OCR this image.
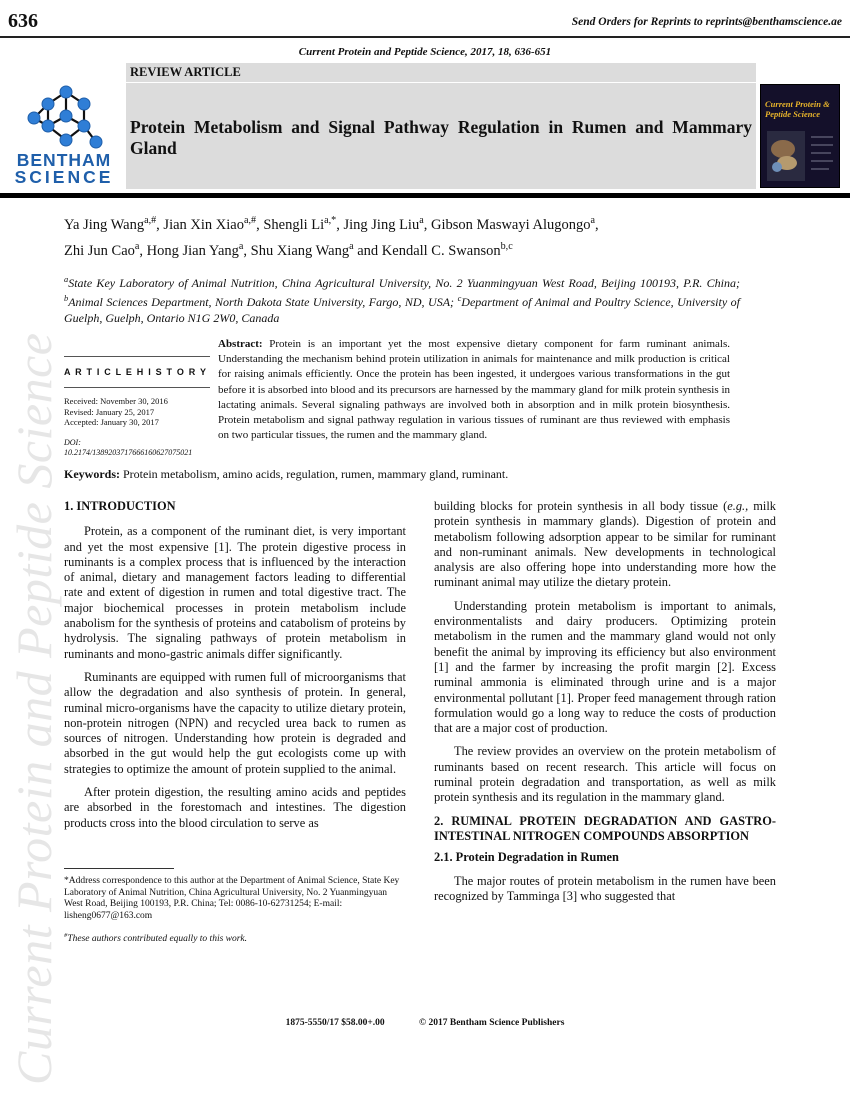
Current Protein and Peptide Science
636	Send Orders for Reprints to reprints@benthamscience.ae
Current Protein and Peptide Science, 2017, 18, 636-651
BENTHAM
SCIENCE
REVIEW ARTICLE
Protein Metabolism and Signal Pathway Regulation in Rumen and Mammary Gland
Current Protein & Peptide Science
Ya Jing Wang$^{a,\#}$, Jian Xin Xiao$^{a,\#}$, Shengli $Li^{a,*}$, Jing Jing Liu$^a$, Gibson Maswayi Alugongo$^a$,
Zhi Jun Cao$^a$, Hong Jian Yang$^a$, Shu Xiang Wang$^a$ and Kendall C. Swanson$^{b,c}$
$^a$State Key Laboratory of Animal Nutrition, China Agricultural University, No. 2 Yuanmingyuan West Road, Beijing 100193, P.R. China; $^b$Animal Sciences Department, North Dakota State University, Fargo, ND, USA; $^c$Department of Animal and Poultry Science, University of Guelph, Guelph, Ontario N1G 2W0, Canada
A R T I C L E H I S T O R Y
Received: November 30, 2016
Revised: January 25, 2017
Accepted: January 30, 2017
DOI:
10.2174/1389203717666160627075021
Abstract: Protein is an important yet the most expensive dietary component for farm ruminant animals. Understanding the mechanism behind protein utilization in animals for maintenance and milk production is critical for raising animals efficiently. Once the protein has been ingested, it undergoes various transformations in the gut before it is absorbed into blood and its precursors are harnessed by the mammary gland for milk protein synthesis in lactating animals. Several signaling pathways are involved both in absorption and in milk protein biosynthesis. Protein metabolism and signal pathway regulation in various tissues of ruminant are thus reviewed with emphasis on two particular tissues, the rumen and the mammary gland.
Keywords: Protein metabolism, amino acids, regulation, rumen, mammary gland, ruminant.
1. INTRODUCTION

Protein, as a component of the ruminant diet, is very important and yet the most expensive [1]. The protein digestive process in ruminants is a complex process that is influenced by the interaction of animal, dietary and management factors leading to differential rate and extent of digestion in rumen and total digestive tract. The major biochemical processes in protein metabolism include anabolism for the synthesis of proteins and catabolism of proteins by hydrolysis. The signaling pathways of protein metabolism in ruminants and mono-gastric animals differ significantly.

Ruminants are equipped with rumen full of microorganisms that allow the degradation and also synthesis of protein. In general, ruminal micro-organisms have the capacity to utilize dietary protein, non-protein nitrogen (NPN) and recycled urea back to rumen as sources of nitrogen. Understanding how protein is degraded and absorbed in the gut would help the gut ecologists come up with strategies to optimize the amount of protein supplied to the animal.

After protein digestion, the resulting amino acids and peptides are absorbed in the forestomach and intestines. The digestion products cross into the blood circulation to serve as

building blocks for protein synthesis in all body tissue (e.g., milk protein synthesis in mammary glands). Digestion of protein and metabolism following adsorption appear to be similar for ruminant and non-ruminant animals. New developments in technological analysis are also offering hope into understanding more how the ruminant animal may utilize the dietary protein.

Understanding protein metabolism is important to animals, environmentalists and dairy producers. Optimizing protein metabolism in the rumen and the mammary gland would not only benefit the animal by improving its efficiency but also environment [1] and the farmer by increasing the profit margin [2]. Excess ruminal ammonia is eliminated through urine and is a major environmental pollutant [1]. Proper feed management through ration formulation would go a long way to reduce the costs of production that are a major cost of production.

The review provides an overview on the protein metabolism of ruminants based on recent research. This article will focus on ruminal protein degradation and transportation, as well as milk protein synthesis and its regulation in the mammary gland.

2. RUMINAL PROTEIN DEGRADATION AND GASTRO-INTESTINAL NITROGEN COMPOUNDS ABSORPTION
2.1. Protein Degradation in Rumen

The major routes of protein metabolism in the rumen have been recognized by Tamminga [3] who suggested that

*Address correspondence to this author at the Department of Animal Science, State Key Laboratory of Animal Nutrition, China Agricultural University, No. 2 Yuanmingyuan West Road, Beijing 100193, P.R. China; Tel: 0086-10-62731254; E-mail: lisheng0677@163.com
#These authors contributed equally to this work.
1875-5550/17 $58.00+.00	© 2017 Bentham Science Publishers
